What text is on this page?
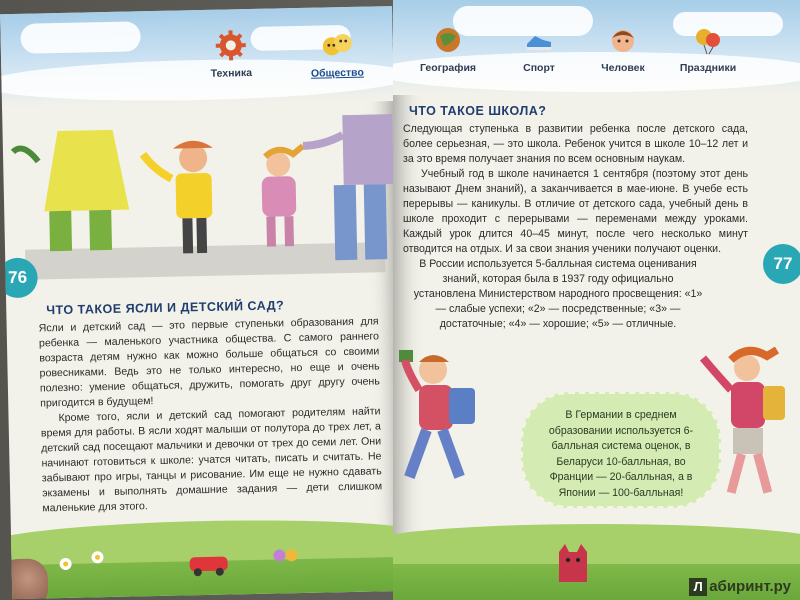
Техника	Общество
76
ЧТО ТАКОЕ ЯСЛИ И ДЕТСКИЙ САД?

Ясли и детский сад — это первые ступеньки образования для ребенка — маленького участника общества. С самого раннего возраста детям нужно как можно больше общаться со своими ровесниками. Ведь это не только интересно, но еще и очень полезно: умение общаться, дружить, помогать друг другу очень пригодится в будущем!

Кроме того, ясли и детский сад помогают родителям найти время для работы. В ясли ходят малыши от полутора до трех лет, а детский сад посещают мальчики и девочки от трех до семи лет. Они начинают готовиться к школе: учатся читать, писать и считать. Не забывают про игры, танцы и рисование. Им еще не нужно сдавать экзамены и выполнять домашние задания — дети слишком маленькие для этого.

География	Спорт	Человек	Праздники
ЧТО ТАКОЕ ШКОЛА?

Следующая ступенька в развитии ребенка после детского сада, более серьезная, — это школа. Ребенок учится в школе 10–12 лет и за это время получает знания по всем основным наукам.

Учебный год в школе начинается 1 сентября (поэтому этот день называют Днем знаний), а заканчивается в мае-июне. В учебе есть перерывы — каникулы. В отличие от детского сада, учебный день в школе проходит с перерывами — переменами между уроками. Каждый урок длится 40–45 минут, после чего несколько минут отводится на отдых. И за свои знания ученики получают оценки.

В России используется 5-балльная система оценивания знаний, которая была в 1937 году официально установлена Министерством народного просвещения: «1» — слабые успехи; «2» — посредственные; «3» — достаточные; «4» — хорошие; «5» — отличные.

77
В Германии в среднем образовании используется 6-балльная система оценок, в Беларуси 10-балльная, во Франции — 20-балльная, а в Японии — 100-балльная!
Л абиринт.ру
